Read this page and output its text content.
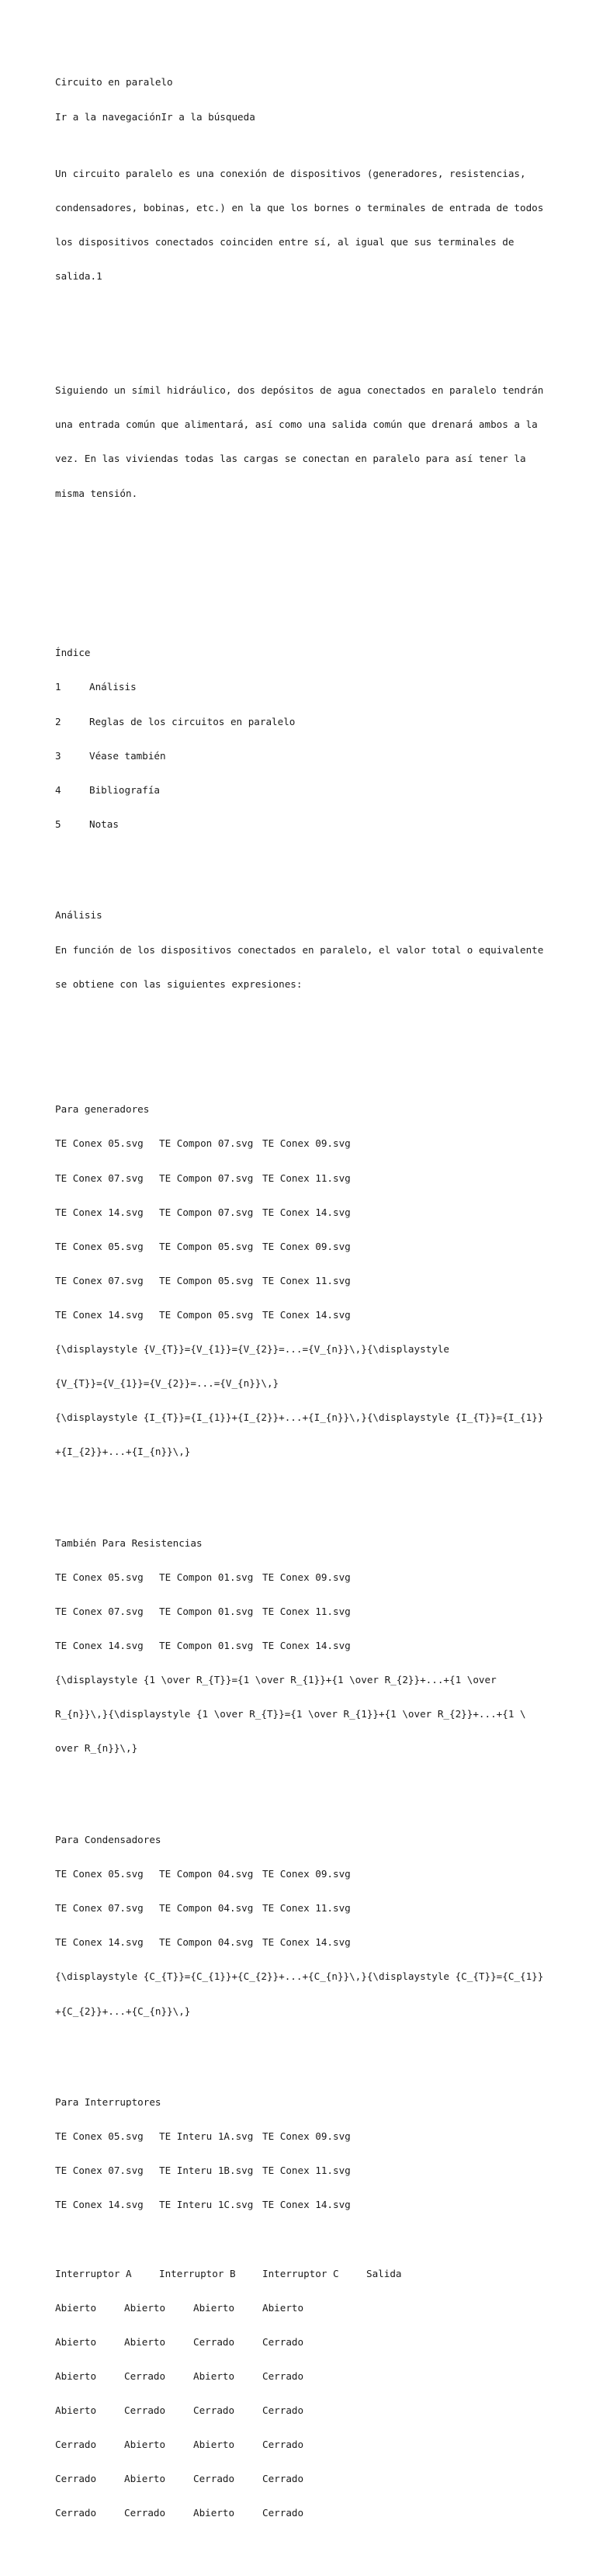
Circuito en paralelo

Ir a la navegaciónIr a la búsqueda

Un circuito paralelo es una conexión de dispositivos (generadores, resistencias,

condensadores, bobinas, etc.) en la que los bornes o terminales de entrada de todos

los dispositivos conectados coinciden entre sí, al igual que sus terminales de

salida.1

Siguiendo un símil hidráulico, dos depósitos de agua conectados en paralelo tendrán

una entrada común que alimentará, así como una salida común que drenará ambos a la

vez. En las viviendas todas las cargas se conectan en paralelo para así tener la

misma tensión.

Índice

1	Análisis

2	Reglas de los circuitos en paralelo

3	Véase también

4	Bibliografía

5	Notas

Análisis

En función de los dispositivos conectados en paralelo, el valor total o equivalente

se obtiene con las siguientes expresiones:

Para generadores

TE Conex 05.svg TE Compon 07.svg TE Conex 09.svg

TE Conex 07.svg TE Compon 07.svg TE Conex 11.svg

TE Conex 14.svg TE Compon 07.svg TE Conex 14.svg

TE Conex 05.svg TE Compon 05.svg TE Conex 09.svg

TE Conex 07.svg TE Compon 05.svg TE Conex 11.svg

TE Conex 14.svg TE Compon 05.svg TE Conex 14.svg

{\displaystyle {V_{T}}={V_{1}}={V_{2}}=...={V_{n}}\,}{\displaystyle

{V_{T}}={V_{1}}={V_{2}}=...={V_{n}}\,}

{\displaystyle {I_{T}}={I_{1}}+{I_{2}}+...+{I_{n}}\,}{\displaystyle {I_{T}}={I_{1}}

+{I_{2}}+...+{I_{n}}\,}

También Para Resistencias

TE Conex 05.svg TE Compon 01.svg TE Conex 09.svg

TE Conex 07.svg TE Compon 01.svg TE Conex 11.svg

TE Conex 14.svg TE Compon 01.svg TE Conex 14.svg

{\displaystyle {1 \over R_{T}}={1 \over R_{1}}+{1 \over R_{2}}+...+{1 \over

R_{n}}\,}{\displaystyle {1 \over R_{T}}={1 \over R_{1}}+{1 \over R_{2}}+...+{1 \

over R_{n}}\,}

Para Condensadores

TE Conex 05.svg TE Compon 04.svg TE Conex 09.svg

TE Conex 07.svg TE Compon 04.svg TE Conex 11.svg

TE Conex 14.svg TE Compon 04.svg TE Conex 14.svg

{\displaystyle {C_{T}}={C_{1}}+{C_{2}}+...+{C_{n}}\,}{\displaystyle {C_{T}}={C_{1}}

+{C_{2}}+...+{C_{n}}\,}

Para Interruptores

TE Conex 05.svg TE Interu 1A.svg TE Conex 09.svg

TE Conex 07.svg TE Interu 1B.svg TE Conex 11.svg

TE Conex 14.svg TE Interu 1C.svg TE Conex 14.svg

Interruptor A	Interruptor B	Interruptor C	Salida

Abierto	Abierto	Abierto	Abierto

Abierto	Abierto	Cerrado	Cerrado

Abierto	Cerrado	Abierto	Cerrado

Abierto	Cerrado	Cerrado	Cerrado

Cerrado	Abierto	Abierto	Cerrado

Cerrado	Abierto	Cerrado	Cerrado

Cerrado	Cerrado	Abierto	Cerrado
